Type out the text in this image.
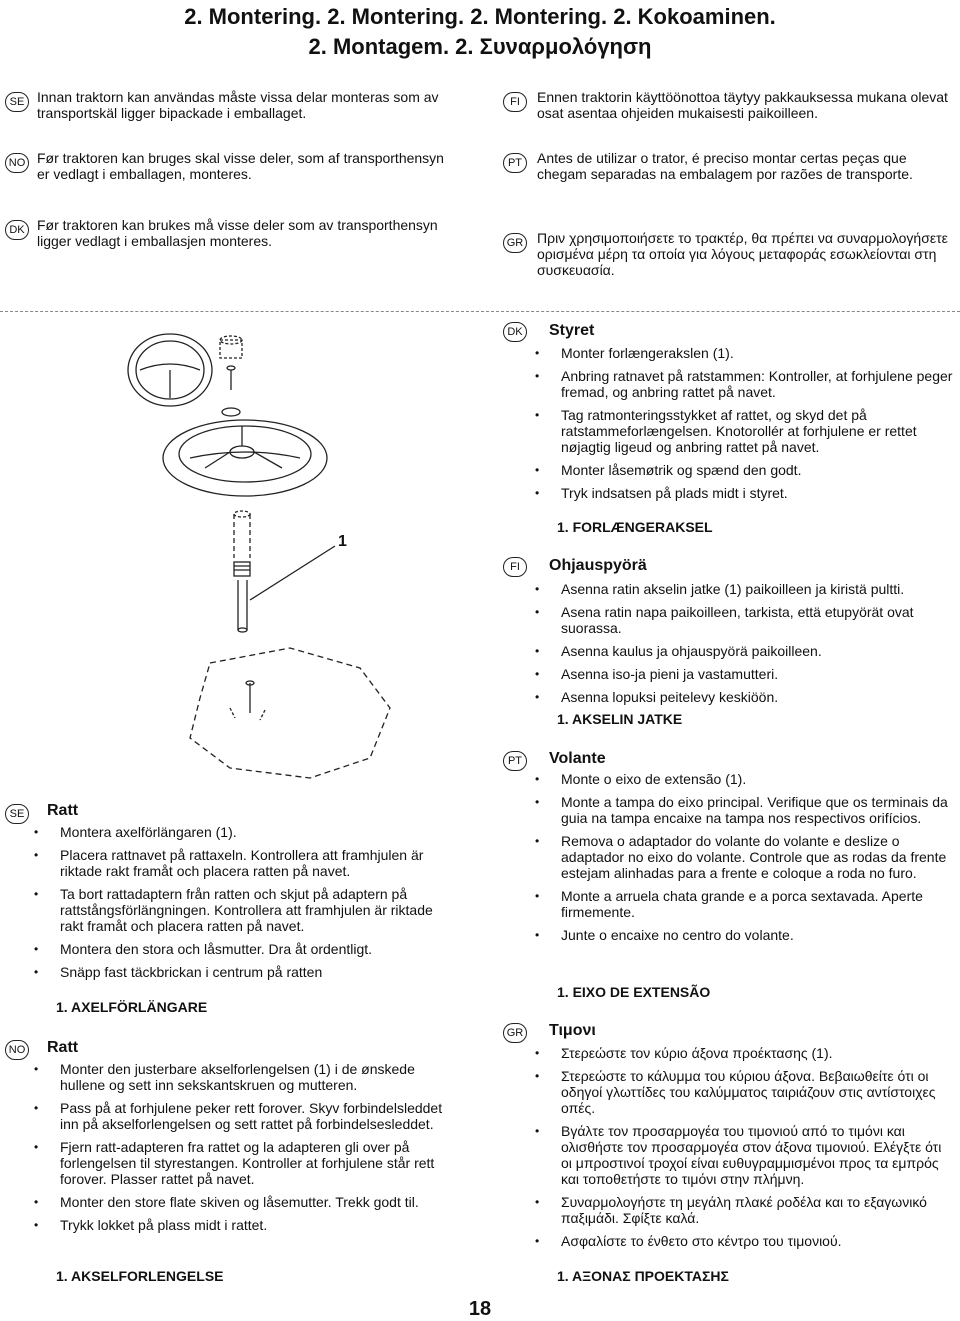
2. Montering. 2. Montering. 2. Montering. 2. Kokoaminen.
2. Montagem. 2. Συναρμολόγηση
SE Innan traktorn kan användas måste vissa delar monteras som av transportskäl ligger bipackade i emballaget.
NO Før traktoren kan bruges skal visse deler, som af transporthensyn er vedlagt i emballagen, monteres.
DK Før traktoren kan brukes må visse deler som av transporthensyn ligger vedlagt i emballasjen monteres.
FI	Ennen traktorin käyttöönottoa täytyy pakkauksessa mukana olevat osat asentaa ohjeiden mukaisesti paikoilleen.
PT	Antes de utilizar o trator, é preciso montar certas peças que chegam separadas na embalagem por razões de transporte.
GR Πριν χρησιμοποιήσετε το τρακτέρ, θα πρέπει να συναρμολογήσετε ορισμένα μέρη τα οποία για λόγους μεταφοράς εσωκλείονται στη συσκευασία.
1
DK Styret
• Monter forlængerakslen (1).
• Anbring ratnavet på ratstammen: Kontroller, at forhjulene peger fremad, og anbring rattet på navet.
• Tag ratmonteringsstykket af rattet, og skyd det på ratstammeforlængelsen. Knotorollér at forhjulene er rettet nøjagtig ligeud og anbring rattet på navet.
• Monter låsemøtrik og spænd den godt.
• Tryk indsatsen på plads midt i styret.
1. FORLÆNGERAKSEL
FI	Ohjauspyörä
• Asenna ratin akselin jatke (1) paikoilleen ja kiristä pultti.
• Asena ratin napa paikoilleen, tarkista, että etupyörät ovat suorassa.
• Asenna kaulus ja ohjauspyörä paikoilleen.
• Asenna iso-ja pieni ja vastamutteri.
• Asenna lopuksi peitelevy keskiöön.
1. AKSELIN JATKE
PT	Volante
• Monte o eixo de extensão (1).
• Monte a tampa do eixo principal. Verifique que os terminais da guia na tampa encaixe na tampa nos respectivos orifícios.
• Remova o adaptador do volante do volante e deslize o adaptador no eixo do volante. Controle que as rodas da frente estejam alinhadas para a frente e coloque a roda no furo.
• Monte a arruela chata grande e a porca sextavada. Aperte firmemente.
• Junte o encaixe no centro do volante.
1. EIXO DE EXTENSÃO
GR Τιμονι
• Στερεώστε τον κύριο άξονα προέκτασης (1).
• Στερεώστε το κάλυμμα του κύριου άξονα. Βεβαιωθείτε ότι οι οδηγοί γλωττίδες του καλύμματος ταιριάζουν στις αντίστοιχες οπές.
• Βγάλτε τον προσαρμογέα του τιμονιού από το τιμόνι και ολισθήστε τον προσαρμογέα στον άξονα τιμονιού. Ελέγξτε ότι οι μπροστινοί τροχοί είναι ευθυγραμμισμένοι προς τα εμπρός και τοποθετήστε το τιμόνι στην πλήμνη.
• Συναρμολογήστε τη μεγάλη πλακέ ροδέλα και το εξαγωνικό παξιμάδι. Σφίξτε καλά.
• Ασφαλίστε το ένθετο στο κέντρο του τιμονιού.
1. ΑΞΟΝΑΣ ΠΡΟΕΚΤΑΣΗΣ
SE Ratt
• Montera axelförlängaren (1).
• Placera rattnavet på rattaxeln. Kontrollera att framhjulen är riktade rakt framåt och placera ratten på navet.
• Ta bort rattadaptern från ratten och skjut på adaptern på rattstångsförlängningen. Kontrollera att framhjulen är riktade rakt framåt och placera ratten på navet.
• Montera den stora och låsmutter. Dra åt ordentligt.
• Snäpp fast täckbrickan i centrum på ratten
1. AXELFÖRLÄNGARE
NO Ratt
• Monter den justerbare akselforlengelsen (1) i de ønskede hullene og sett inn sekskantskruen og mutteren.
• Pass på at forhjulene peker rett forover. Skyv forbindelsleddet inn på akselforlengelsen og sett rattet på forbindelsesleddet.
• Fjern ratt-adapteren fra rattet og la adapteren gli over på forlengelsen til styrestangen. Kontroller at forhjulene står rett forover. Plasser rattet på navet.
• Monter den store flate skiven og låsemutter. Trekk godt til.
• Trykk lokket på plass midt i rattet.
1. AKSELFORLENGELSE
18
